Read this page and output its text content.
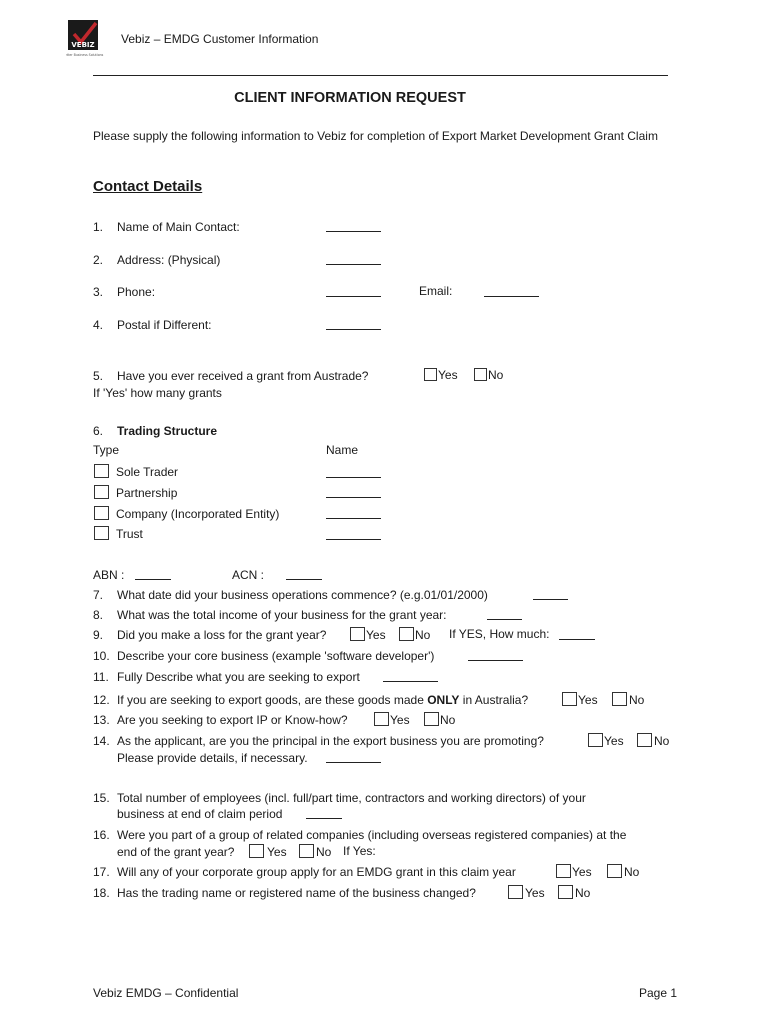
VEBIZ
Better Business Solutions
Vebiz – EMDG Customer Information
CLIENT INFORMATION REQUEST
Please supply the following information to Vebiz for completion of Export Market Development Grant Claim
Contact Details
1.	Name of Main Contact:
2.	Address: (Physical)
3.	Phone:	Email:
4.	Postal if Different:
5.	Have you ever received a grant from Austrade?	Yes	No
If 'Yes' how many grants
6.	Trading Structure
Type	Name
Sole Trader
Partnership
Company (Incorporated Entity)
Trust
ABN :	ACN :
7.	What date did your business operations commence? (e.g.01/01/2000)
8.	What was the total income of your business for the grant year:
9.	Did you make a loss for the grant year?	Yes	No If YES, How much:
10. Describe your core business (example 'software developer')
11. Fully Describe what you are seeking to export
12. If you are seeking to export goods, are these goods made ONLY in Australia?	Yes	No
13. Are you seeking to export IP or Know-how?	Yes	No
14. As the applicant, are you the principal in the export business you are promoting?	Yes	No
Please provide details, if necessary.
15. Total number of employees (incl. full/part time, contractors and working directors) of your
business at end of claim period
16. Were you part of a group of related companies (including overseas registered companies) at the
end of the grant year?	Yes	No If Yes:
17. Will any of your corporate group apply for an EMDG grant in this claim year	Yes	No
18. Has the trading name or registered name of the business changed?	Yes	No
Vebiz EMDG – Confidential	Page 1
